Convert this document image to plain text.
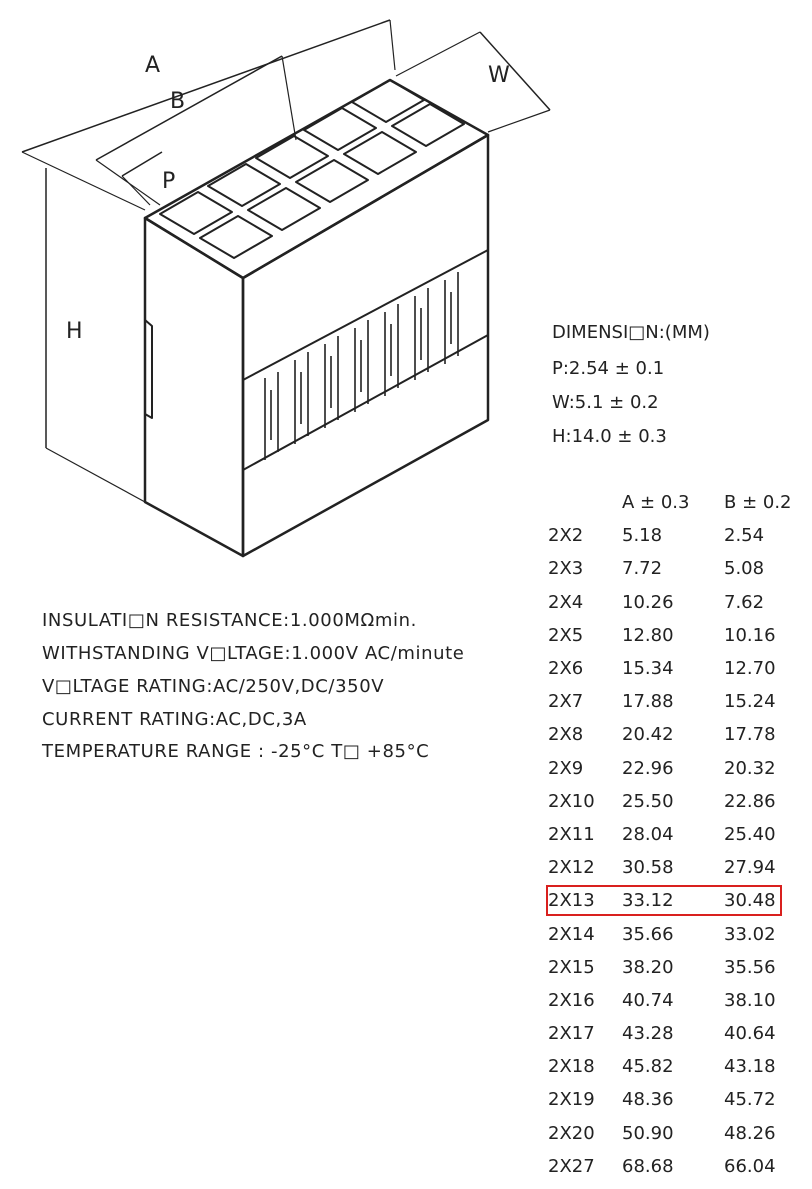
A
B
P
W
H	DIMENSI□N:(MM)
P:2.54 ± 0.1
W:5.1 ± 0.2
H:14.0 ± 0.3
INSULATI□N RESISTANCE:1.000MΩmin.
WITHSTANDING V□LTAGE:1.000V AC/minute
V□LTAGE RATING:AC/250V,DC/350V
CURRENT RATING:AC,DC,3A
TEMPERATURE RANGE : -25°C T□ +85°C
	A ± 0.3	B ± 0.2
2X2	5.18	2.54
2X3	7.72	5.08
2X4	10.26	7.62
2X5	12.80	10.16
2X6	15.34	12.70
2X7	17.88	15.24
2X8	20.42	17.78
2X9	22.96	20.32
2X10	25.50	22.86
2X11	28.04	25.40
2X12	30.58	27.94
2X13	33.12	30.48
2X14	35.66	33.02
2X15	38.20	35.56
2X16	40.74	38.10
2X17	43.28	40.64
2X18	45.82	43.18
2X19	48.36	45.72
2X20	50.90	48.26
2X27	68.68	66.04
